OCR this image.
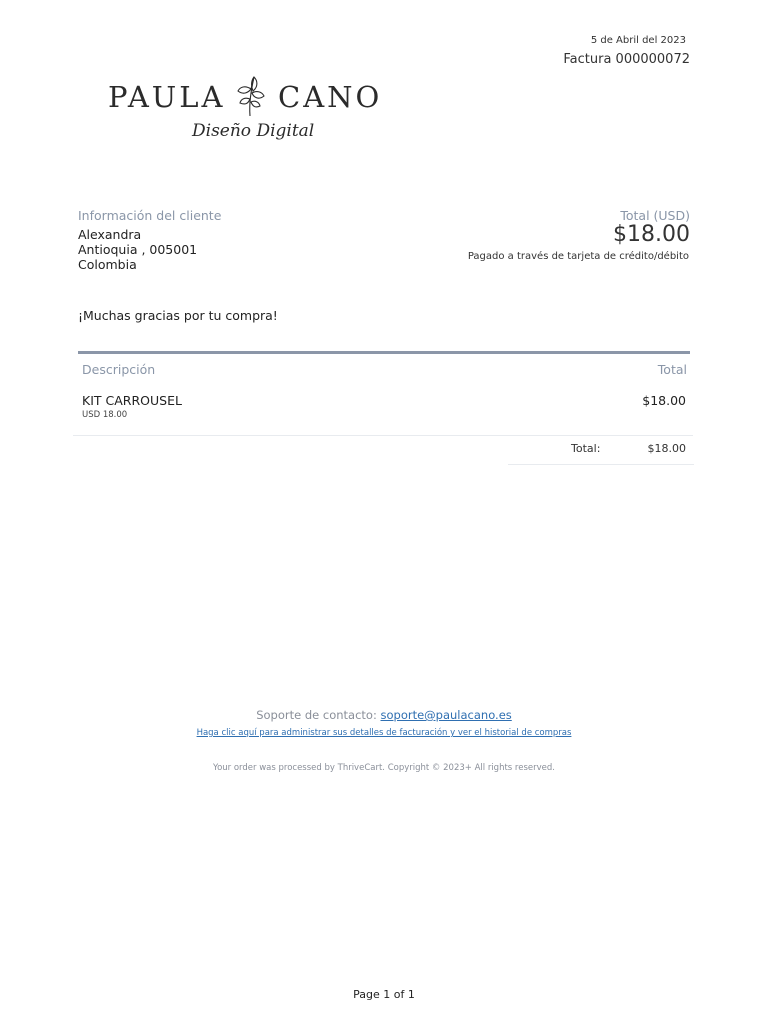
5 de Abril del 2023
Factura 000000072
PAULA CANO
Diseño Digital
Información del cliente
Alexandra
Antioquia , 005001
Colombia
Total (USD)
$18.00
Pagado a través de tarjeta de crédito/débito
¡Muchas gracias por tu compra!
Descripción	Total
KIT CARROUSEL
USD 18.00
$18.00
Total:	$18.00
Soporte de contacto: soporte@paulacano.es
Haga clic aquí para administrar sus detalles de facturación y ver el historial de compras
Your order was processed by ThriveCart. Copyright © 2023+ All rights reserved.
Page 1 of 1
